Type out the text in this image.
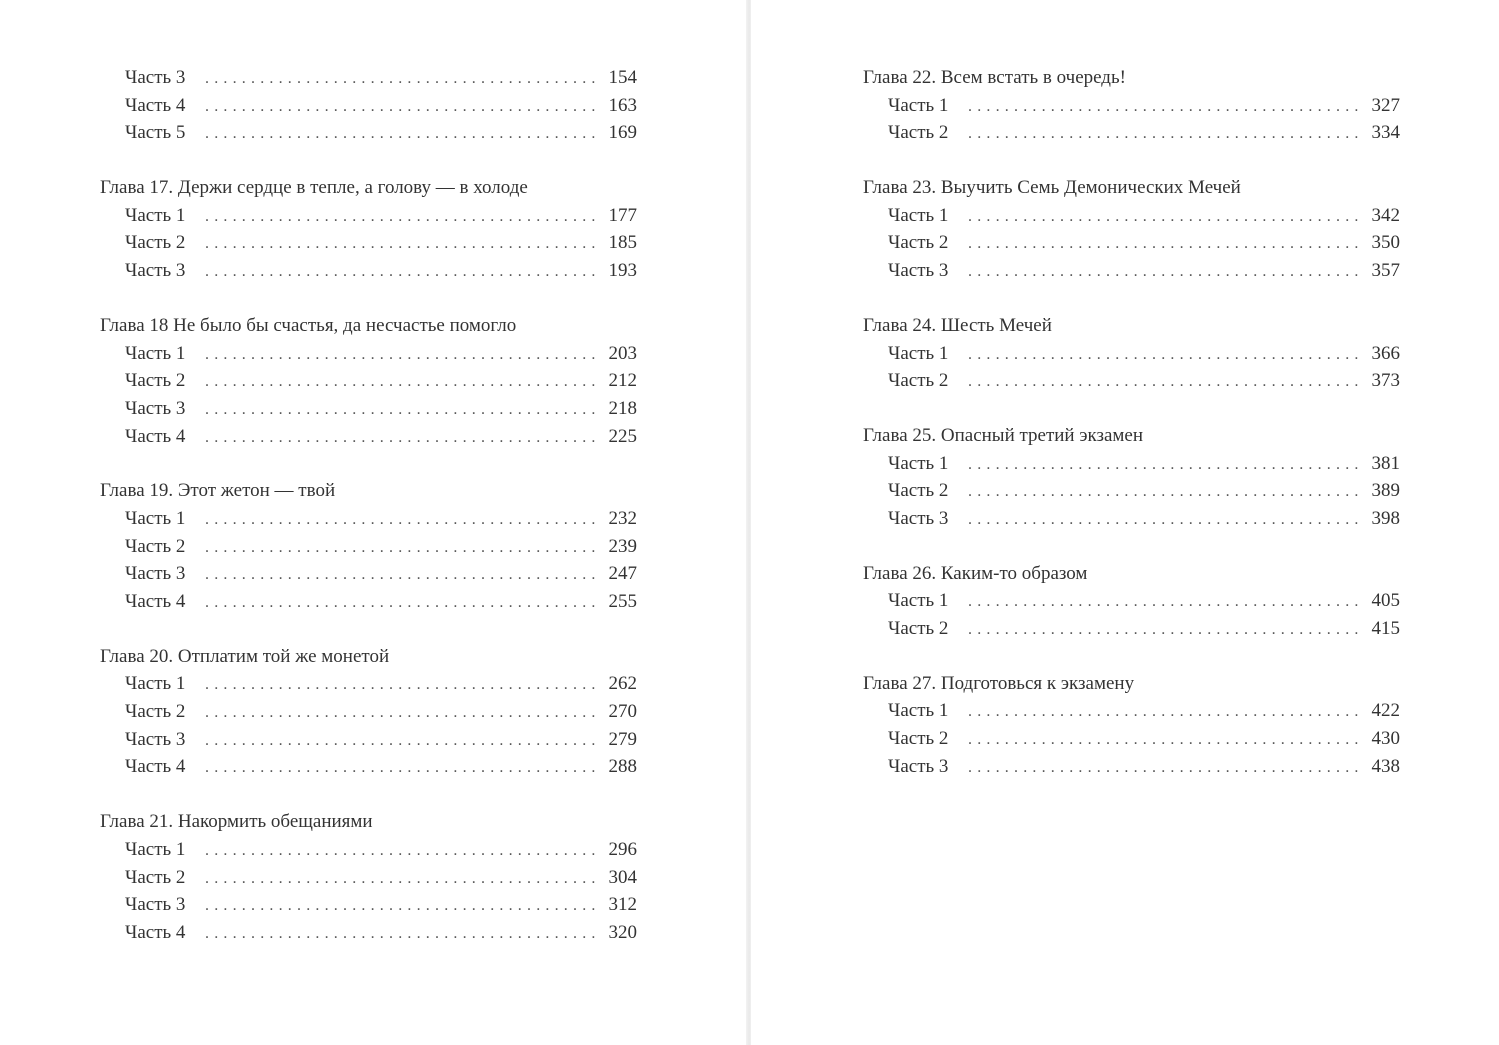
Часть 3 . . .	154
Часть 4 . . .	163
Часть 5 . . .	169
Глава 17. Держи сердце в тепле, а голову — в холоде
Часть 1 . . .	177
Часть 2 . . .	185
Часть 3 . . .	193
Глава 18 Не было бы счастья, да несчастье помогло
Часть 1 . . .	203
Часть 2 . . .	212
Часть 3 . . .	218
Часть 4 . . .	225
Глава 19. Этот жетон — твой
Часть 1 . . .	232
Часть 2 . . .	239
Часть 3 . . .	247
Часть 4 . . .	255
Глава 20. Отплатим той же монетой
Часть 1 . . .	262
Часть 2 . . .	270
Часть 3 . . .	279
Часть 4 . . .	288
Глава 21. Накормить обещаниями
Часть 1 . . .	296
Часть 2 . . .	304
Часть 3 . . .	312
Часть 4 . . .	320
Глава 22. Всем встать в очередь!
Часть 1 . . .	327
Часть 2 . . .	334
Глава 23. Выучить Семь Демонических Мечей
Часть 1 . . .	342
Часть 2 . . .	350
Часть 3 . . .	357
Глава 24. Шесть Мечей
Часть 1 . . .	366
Часть 2 . . .	373
Глава 25. Опасный третий экзамен
Часть 1 . . .	381
Часть 2 . . .	389
Часть 3 . . .	398
Глава 26. Каким-то образом
Часть 1 . . .	405
Часть 2 . . .	415
Глава 27. Подготовься к экзамену
Часть 1 . . .	422
Часть 2 . . .	430
Часть 3 . . .	438
